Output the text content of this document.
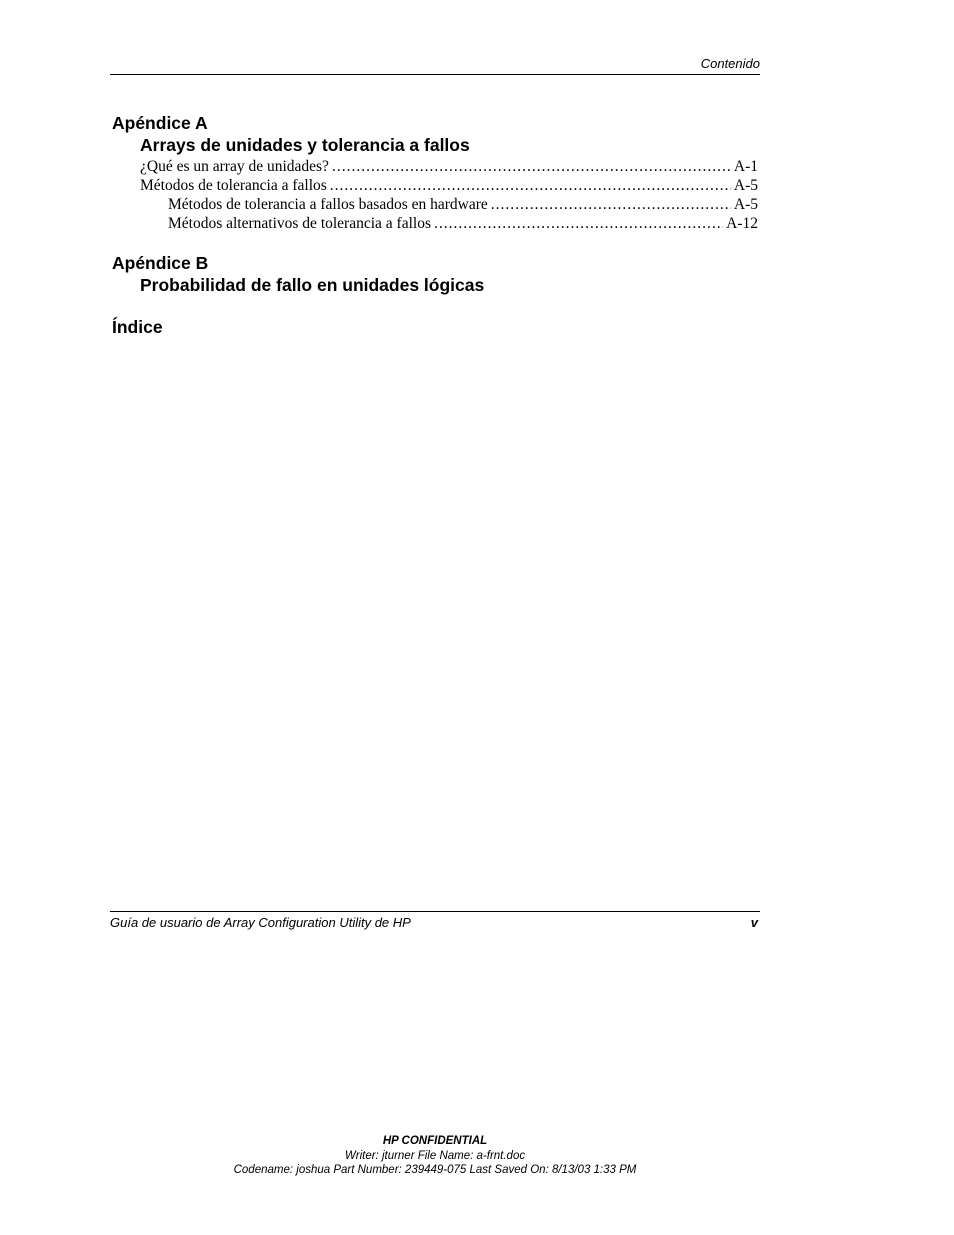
Contenido
Apéndice A
Arrays de unidades y tolerancia a fallos
¿Qué es un array de unidades? .....	A-1
Métodos de tolerancia a fallos .....	A-5
Métodos de tolerancia a fallos basados en hardware .....	A-5
Métodos alternativos de tolerancia a fallos .....	A-12
Apéndice B
Probabilidad de fallo en unidades lógicas
Índice
Guía de usuario de Array Configuration Utility de HP	v
HP CONFIDENTIAL
Writer: jturner File Name: a-frnt.doc
Codename: joshua Part Number: 239449-075 Last Saved On: 8/13/03 1:33 PM
